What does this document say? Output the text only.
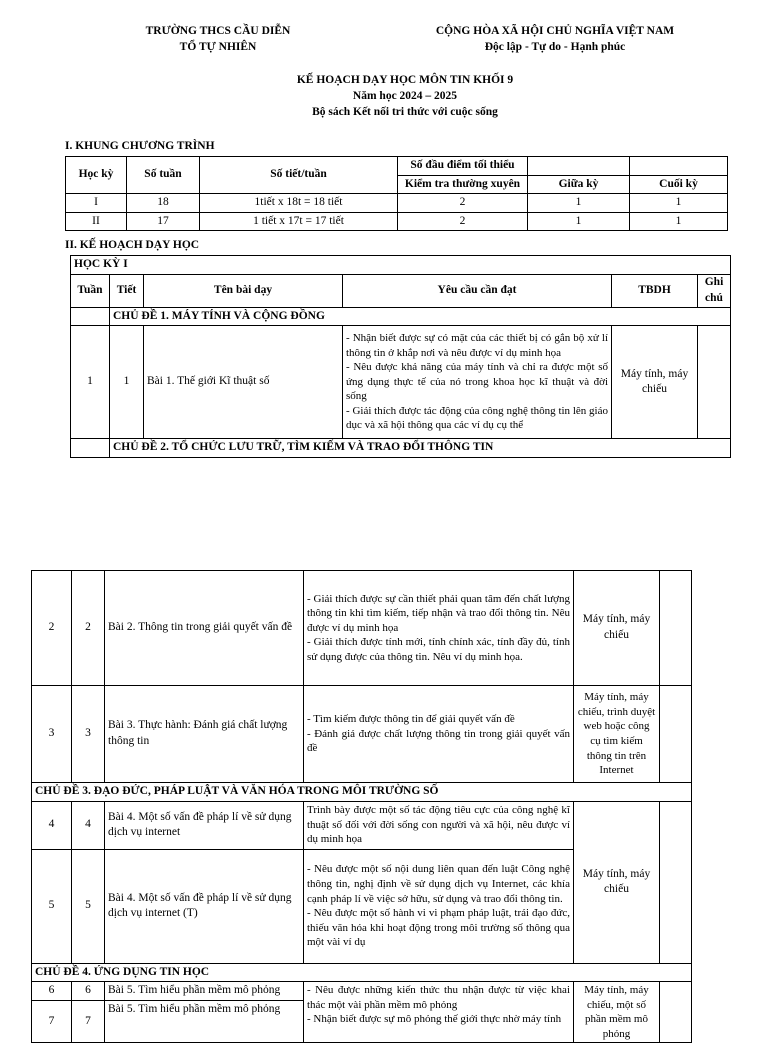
TRƯỜNG THCS CẦU DIỄN
TỔ TỰ NHIÊN
CỘNG HÒA XÃ HỘI CHỦ NGHĨA VIỆT NAM
Độc lập - Tự do - Hạnh phúc
KẾ HOẠCH DẠY HỌC MÔN TIN KHỐI 9
Năm học 2024 – 2025
Bộ sách Kết nối tri thức với cuộc sống
I. KHUNG CHƯƠNG TRÌNH
Học kỳ	Số tuần	Số tiết/tuần	Số đầu điểm tối thiểu		
			Kiểm tra thường xuyên	Giữa kỳ	Cuối kỳ
I	18	1tiết x 18t = 18 tiết	2	1	1
II	17	1 tiết x 17t = 17 tiết	2	1	1
II. KẾ HOẠCH DẠY HỌC
HỌC KỲ I					
Tuần	Tiết	Tên bài dạy	Yêu cầu cần đạt	TBDH	Ghi chú
	CHỦ ĐỀ 1. MÁY TÍNH VÀ CỘNG ĐỒNG				
1	1	Bài 1. Thế giới Kĩ thuật số	- Nhận biết được sự có mặt của các thiết bị có gắn bộ xử lí thông tin ở khắp nơi và nêu được ví dụ minh họa
- Nêu được khả năng của máy tính và chỉ ra được một số ứng dụng thực tế của nó trong khoa học kĩ thuật và đời sống
- Giải thích được tác động của công nghệ thông tin lên giáo dục và xã hội thông qua các ví dụ cụ thể	Máy tính, máy chiếu	
	CHỦ ĐỀ 2. TỔ CHỨC LƯU TRỮ, TÌM KIẾM VÀ TRAO ĐỔI THÔNG TIN				
2	2	Bài 2. Thông tin trong giải quyết vấn đề	- Giải thích được sự cần thiết phải quan tâm đến chất lượng thông tin khi tìm kiếm, tiếp nhận và trao đổi thông tin. Nêu được ví dụ minh họa
- Giải thích được tính mới, tính chính xác, tính đầy đủ, tính sử dụng được của thông tin. Nêu ví dụ minh họa.	Máy tính, máy chiếu	
3	3	Bài 3. Thực hành: Đánh giá chất lượng thông tin	- Tìm kiếm được thông tin để giải quyết vấn đề
- Đánh giá được chất lượng thông tin trong giải quyết vấn đề	Máy tính, máy chiếu, trình duyệt web hoặc công cụ tìm kiếm thông tin trên Internet	
CHỦ ĐỀ 3. ĐẠO ĐỨC, PHÁP LUẬT VÀ VĂN HÓA TRONG MÔI TRƯỜNG SỐ					
4	4	Bài 4. Một số vấn đề pháp lí về sử dụng dịch vụ internet	Trình bày được một số tác động tiêu cực của công nghệ kĩ thuật số đối với đời sống con người và xã hội, nêu được ví dụ minh họa	Máy tính, máy chiếu	
5	5	Bài 4. Một số vấn đề pháp lí về sử dụng dịch vụ internet (T)	- Nêu được một số nội dung liên quan đến luật Công nghệ thông tin, nghị định về sử dụng dịch vụ Internet, các khía cạnh pháp lí về việc sở hữu, sử dụng và trao đổi thông tin.
- Nêu được một số hành vi vi phạm pháp luật, trái đạo đức, thiếu văn hóa khi hoạt động trong môi trường số thông qua một vài ví dụ		

CHỦ ĐỀ 4. ỨNG DỤNG TIN HỌC					
6	6	Bài 5. Tìm hiểu phần mềm mô phỏng	- Nêu được những kiến thức thu nhận được từ việc khai thác một vài phần mềm mô phỏng
- Nhận biết được sự mô phỏng thế giới thực nhờ máy tính	Máy tính, máy chiếu, một số phần mềm mô phỏng	
7	7	Bài 5. Tìm hiểu phần mềm mô phỏng			
